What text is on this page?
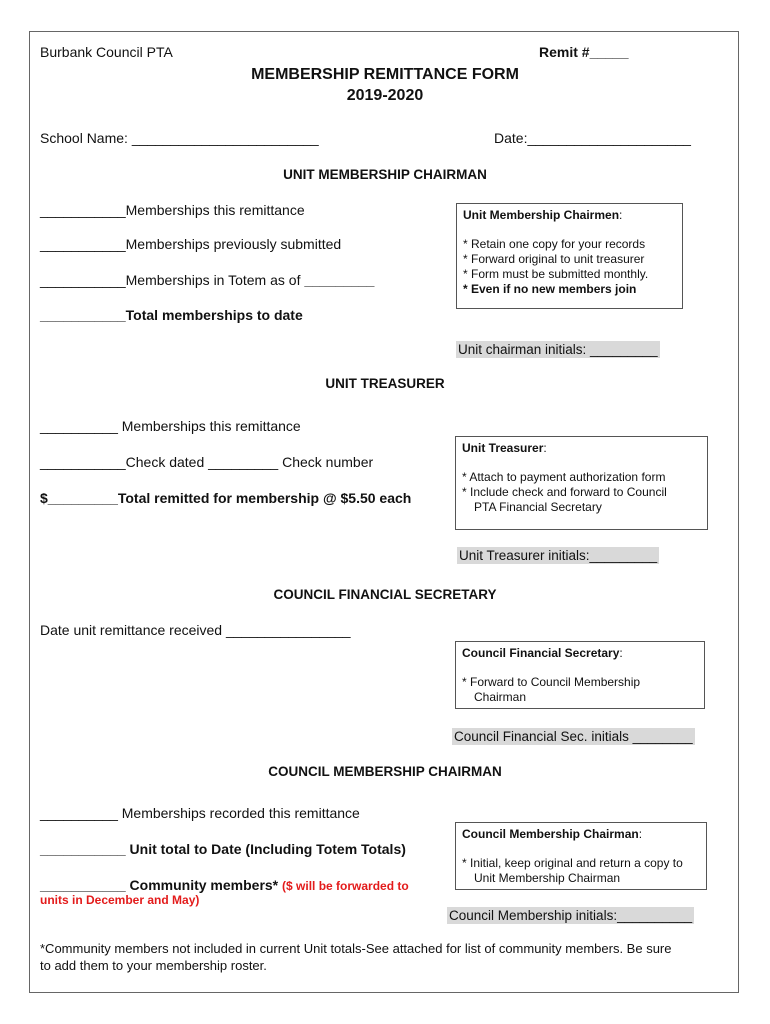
Burbank Council PTA	Remit #_____
MEMBERSHIP REMITTANCE FORM
2019-2020
School Name: ________________________	Date:_____________________
UNIT MEMBERSHIP CHAIRMAN
___________Memberships this remittance
___________Memberships previously submitted
___________Memberships in Totem as of _________
___________Total memberships to date
Unit Membership Chairmen:
* Retain one copy for your records
* Forward original to unit treasurer
* Form must be submitted monthly.
* Even if no new members join
Unit chairman initials: _________
UNIT TREASURER
__________ Memberships this remittance
___________Check dated _________ Check number
$_________Total remitted for membership @ $5.50 each
Unit Treasurer:
* Attach to payment authorization form
* Include check and forward to Council
PTA Financial Secretary
Unit Treasurer initials:_________
COUNCIL FINANCIAL SECRETARY
Date unit remittance received ________________
Council Financial Secretary:
* Forward to Council Membership
Chairman
Council Financial Sec. initials ________
COUNCIL MEMBERSHIP CHAIRMAN
__________ Memberships recorded this remittance
___________ Unit total to Date (Including Totem Totals)
___________ Community members* ($ will be forwarded to
units in December and May)
Council Membership Chairman:
* Initial, keep original and return a copy to
Unit Membership Chairman
Council Membership initials:__________
*Community members not included in current Unit totals-See attached for list of community members. Be sure
to add them to your membership roster.
